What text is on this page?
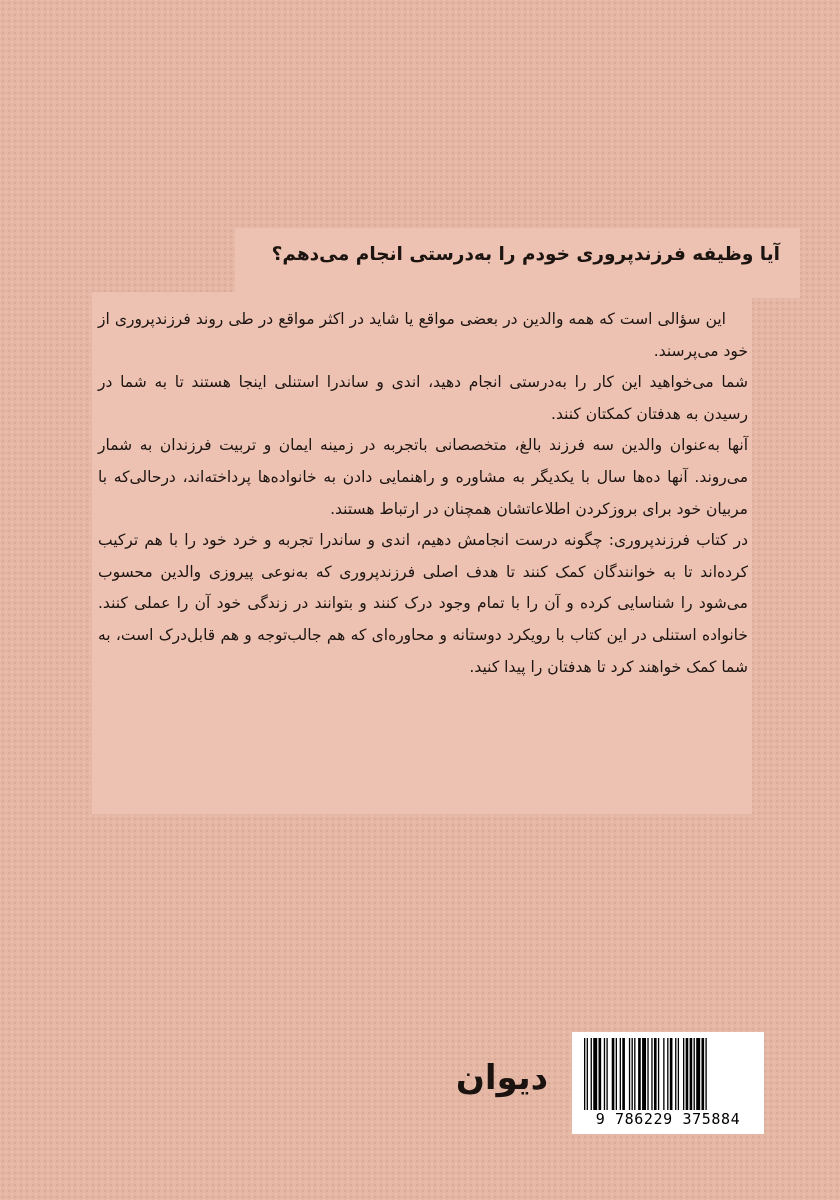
آیا وظیفه فرزندپروری خودم را به‌درستی انجام می‌دهم؟

این سؤالی است که همه والدین در بعضی مواقع یا شاید در اکثر مواقع در طی روند فرزندپروری از خود می‌پرسند.

شما می‌خواهید این کار را به‌درستی انجام دهید، اندی و ساندرا استنلی اینجا هستند تا به شما در رسیدن به هدفتان کمکتان کنند.

آنها به‌عنوان والدین سه فرزند بالغ، متخصصانی باتجربه در زمینه ایمان و تربیت فرزندان به شمار می‌روند. آنها ده‌ها سال با یکدیگر به مشاوره و راهنمایی دادن به خانواده‌ها پرداخته‌اند، درحالی‌که با مربیان خود برای بروزکردن اطلاعاتشان همچنان در ارتباط هستند.

در کتاب فرزندپروری: چگونه درست انجامش دهیم، اندی و ساندرا تجربه و خرد خود را با هم ترکیب کرده‌اند تا به خوانندگان کمک کنند تا هدف اصلی فرزندپروری که به‌نوعی پیروزی والدین محسوب می‌شود را شناسایی کرده و آن را با تمام وجود درک کنند و بتوانند در زندگی خود آن را عملی کنند. خانواده استنلی در این کتاب با رویکرد دوستانه و محاوره‌ای که هم جالب‌توجه و هم قابل‌درک است، به شما کمک خواهند کرد تا هدفتان را پیدا کنید.

دیوان
9 786229 375884
